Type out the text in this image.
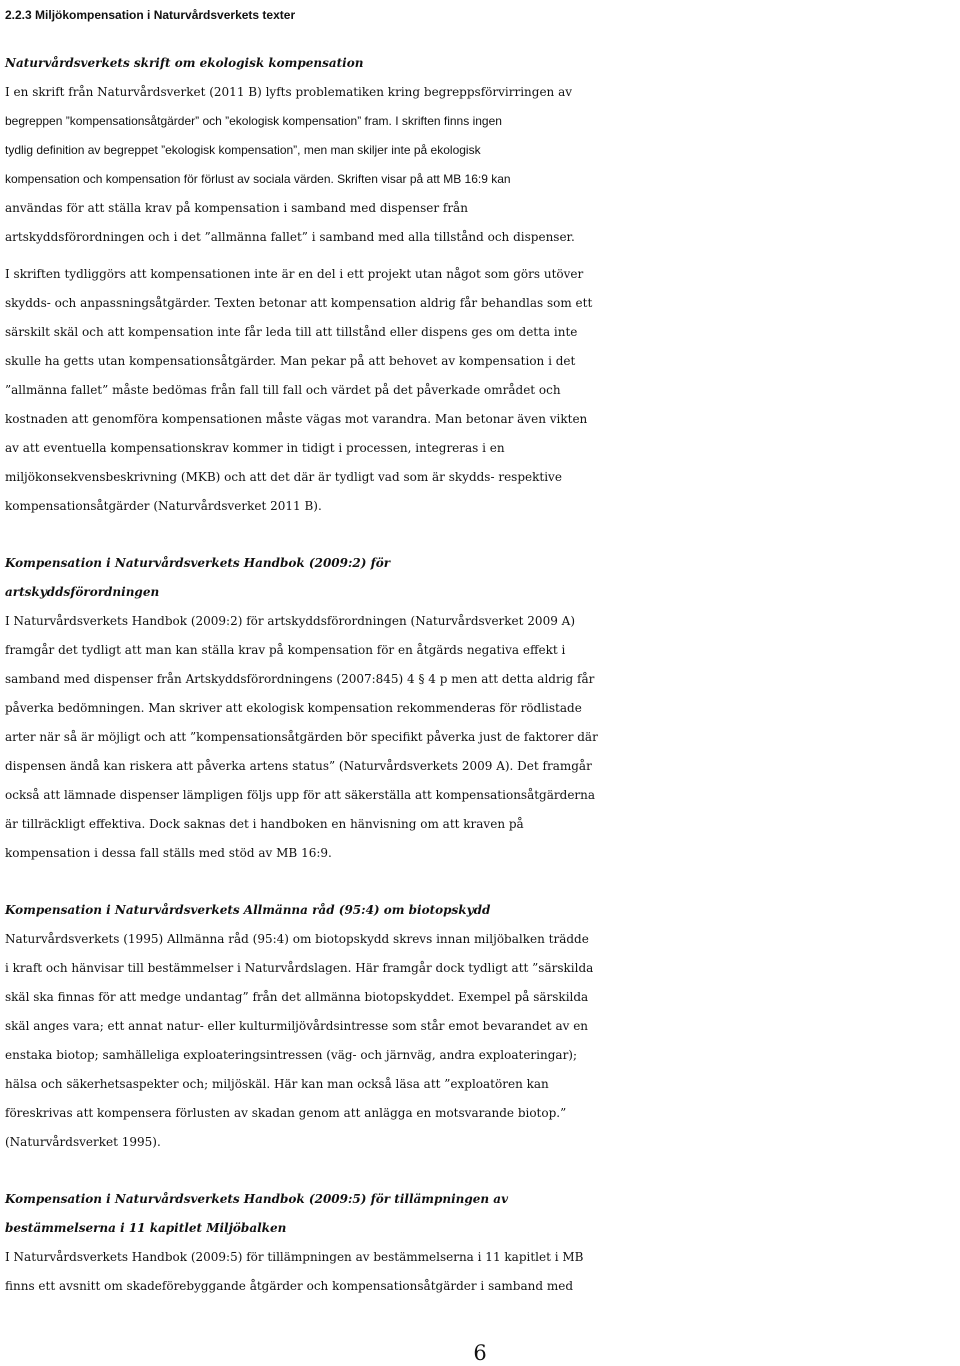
2.2.3 Miljökompensation i Naturvårdsverkets texter
Naturvårdsverkets skrift om ekologisk kompensation
I en skrift från Naturvårdsverket (2011 B) lyfts problematiken kring begreppsförvirringen av
begreppen ”kompensationsåtgärder” och ”ekologisk kompensation” fram. I skriften finns ingen
tydlig definition av begreppet ”ekologisk kompensation”, men man skiljer inte på ekologisk
kompensation och kompensation för förlust av sociala värden. Skriften visar på att MB 16:9 kan
användas för att ställa krav på kompensation i samband med dispenser från
artskyddsförordningen och i det ”allmänna fallet” i samband med alla tillstånd och dispenser.
I skriften tydliggörs att kompensationen inte är en del i ett projekt utan något som görs utöver
skydds- och anpassningsåtgärder. Texten betonar att kompensation aldrig får behandlas som ett
särskilt skäl och att kompensation inte får leda till att tillstånd eller dispens ges om detta inte
skulle ha getts utan kompensationsåtgärder. Man pekar på att behovet av kompensation i det
”allmänna fallet” måste bedömas från fall till fall och värdet på det påverkade området och
kostnaden att genomföra kompensationen måste vägas mot varandra. Man betonar även vikten
av att eventuella kompensationskrav kommer in tidigt i processen, integreras i en
miljökonsekvensbeskrivning (MKB) och att det där är tydligt vad som är skydds- respektive
kompensationsåtgärder (Naturvårdsverket 2011 B).
Kompensation i Naturvårdsverkets Handbok (2009:2) för
artskyddsförordningen
I Naturvårdsverkets Handbok (2009:2) för artskyddsförordningen (Naturvårdsverket 2009 A)
framgår det tydligt att man kan ställa krav på kompensation för en åtgärds negativa effekt i
samband med dispenser från Artskyddsförordningens (2007:845) 4 § 4 p men att detta aldrig får
påverka bedömningen. Man skriver att ekologisk kompensation rekommenderas för rödlistade
arter när så är möjligt och att ”kompensationsåtgärden bör specifikt påverka just de faktorer där
dispensen ändå kan riskera att påverka artens status” (Naturvårdsverkets 2009 A). Det framgår
också att lämnade dispenser lämpligen följs upp för att säkerställa att kompensationsåtgärderna
är tillräckligt effektiva. Dock saknas det i handboken en hänvisning om att kraven på
kompensation i dessa fall ställs med stöd av MB 16:9.
Kompensation i Naturvårdsverkets Allmänna råd (95:4) om biotopskydd
Naturvårdsverkets (1995) Allmänna råd (95:4) om biotopskydd skrevs innan miljöbalken trädde
i kraft och hänvisar till bestämmelser i Naturvårdslagen. Här framgår dock tydligt att ”särskilda
skäl ska finnas för att medge undantag” från det allmänna biotopskyddet. Exempel på särskilda
skäl anges vara; ett annat natur- eller kulturmiljövårdsintresse som står emot bevarandet av en
enstaka biotop; samhälleliga exploateringsintressen (väg- och järnväg, andra exploateringar);
hälsa och säkerhetsaspekter och; miljöskäl. Här kan man också läsa att ”exploatören kan
föreskrivas att kompensera förlusten av skadan genom att anlägga en motsvarande biotop.”
(Naturvårdsverket 1995).
Kompensation i Naturvårdsverkets Handbok (2009:5) för tillämpningen av
bestämmelserna i 11 kapitlet Miljöbalken
I Naturvårdsverkets Handbok (2009:5) för tillämpningen av bestämmelserna i 11 kapitlet i MB
finns ett avsnitt om skadeförebyggande åtgärder och kompensationsåtgärder i samband med
6
